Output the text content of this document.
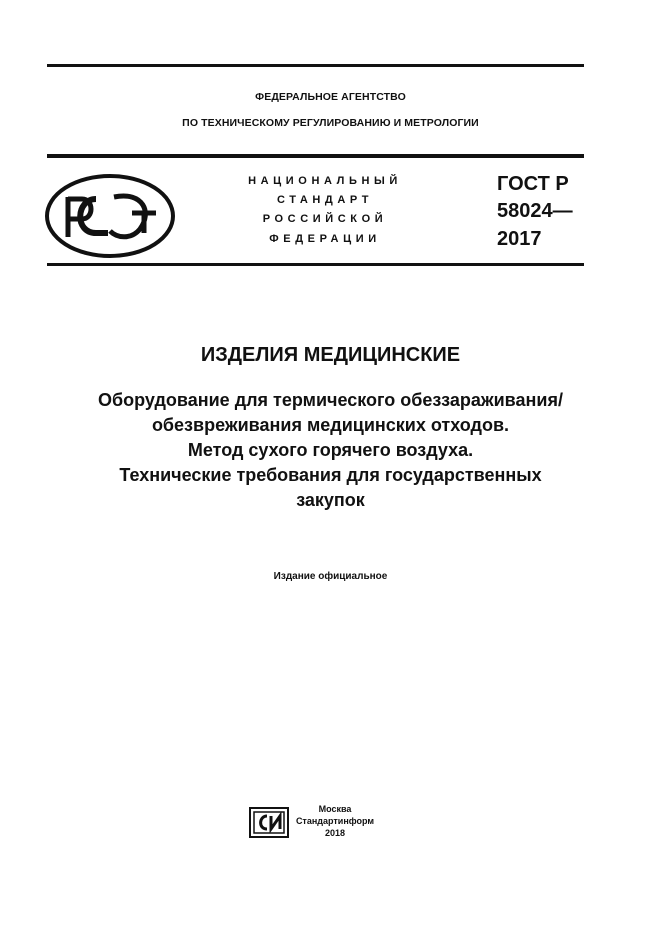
ФЕДЕРАЛЬНОЕ АГЕНТСТВО
ПО ТЕХНИЧЕСКОМУ РЕГУЛИРОВАНИЮ И МЕТРОЛОГИИ
НАЦИОНАЛЬНЫЙ
СТАНДАРТ
РОССИЙСКОЙ
ФЕДЕРАЦИИ
ГОСТ Р
58024—
2017
ИЗДЕЛИЯ МЕДИЦИНСКИЕ
Оборудование для термического обеззараживания/
обезвреживания медицинских отходов.
Метод сухого горячего воздуха.
Технические требования для государственных
закупок
Издание официальное
Москва
Стандартинформ
2018
